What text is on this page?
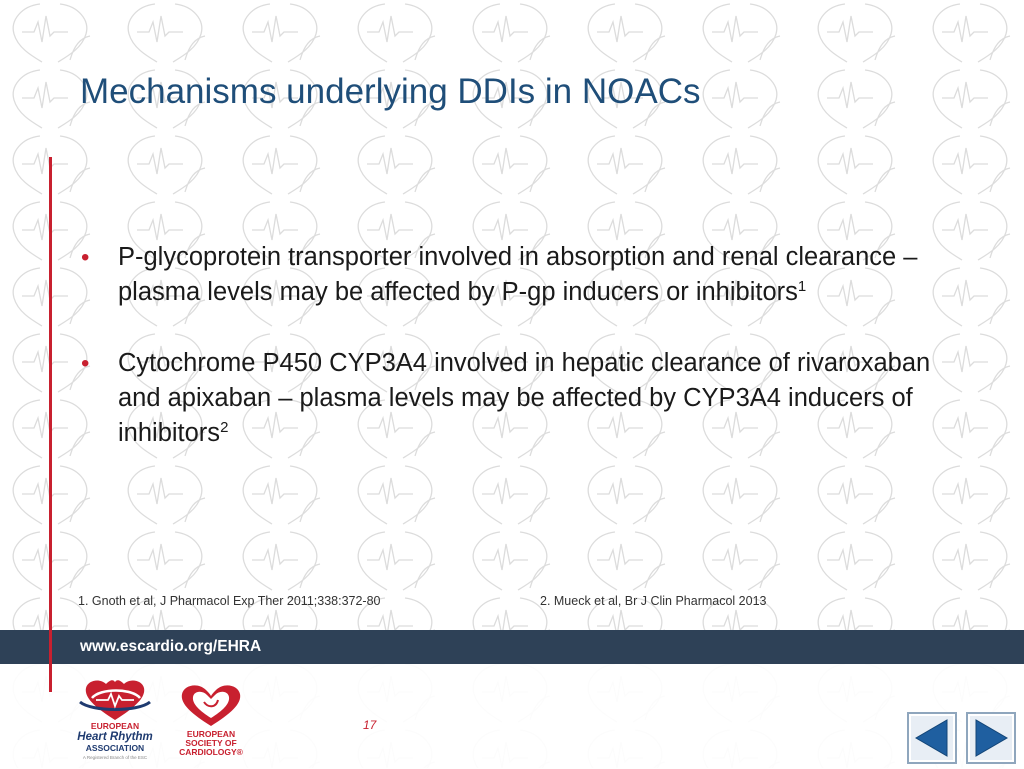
Mechanisms underlying DDIs in NOACs
• P-glycoprotein transporter involved in absorption and renal clearance – plasma levels may be affected by P-gp inducers or inhibitors$^1$
• Cytochrome P450 CYP3A4 involved in hepatic clearance of rivaroxaban and apixaban – plasma levels may be affected by CYP3A4 inducers of inhibitors$^2$
1. Gnoth et al, J Pharmacol Exp Ther 2011;338:372-80	2. Mueck et al, Br J Clin Pharmacol 2013
www.escardio.org/EHRA
EUROPEAN
Heart Rhythm
ASSOCIATION
A Registered Branch of the ESC
EUROPEAN
SOCIETY OF
CARDIOLOGY®
17
